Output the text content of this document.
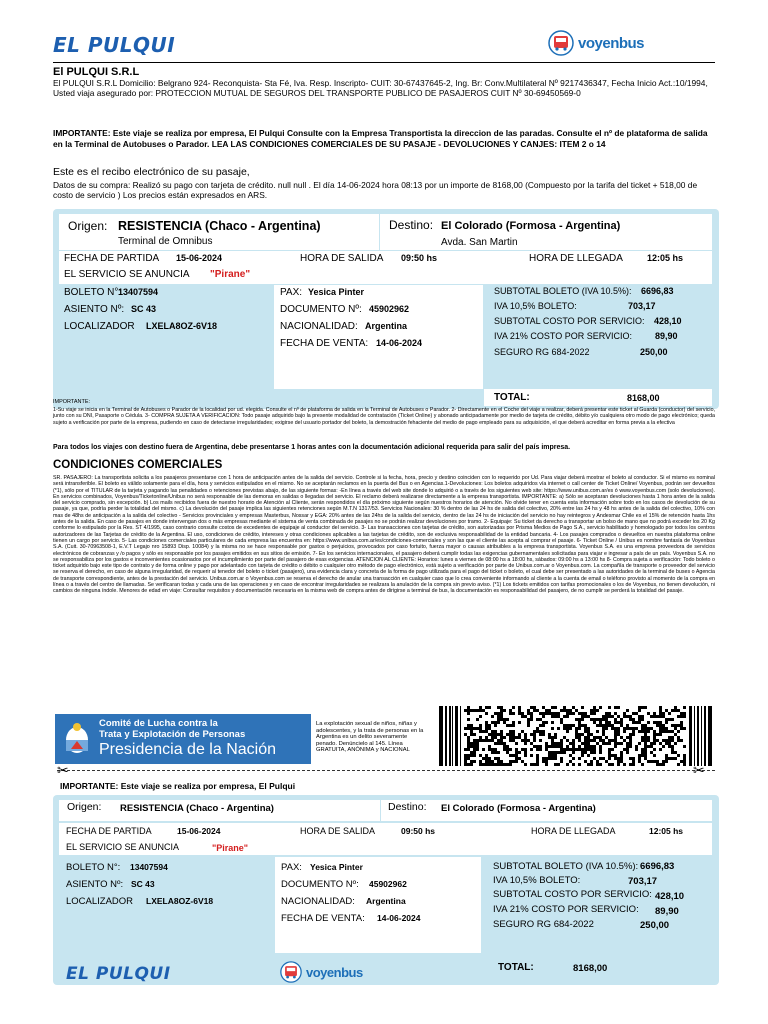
EL PULQUI	voyenbus
El PULQUI S.R.L
El PULQUI S.R.L Domicilio: Belgrano 924- Reconquista- Sta Fé, Iva. Resp. Inscripto- CUIT: 30-67437645-2, Ing. Br: Conv.Multilateral Nº 9217436347, Fecha Inicio Act.:10/1994, Usted viaja asegurado por: PROTECCION MUTUAL DE SEGUROS DEL TRANSPORTE PUBLICO DE PASAJEROS CUIT Nº 30-69450569-0
IMPORTANTE: Este viaje se realiza por empresa, El Pulqui Consulte con la Empresa Transportista la direccion de las paradas. Consulte el nº de plataforma de salida en la Terminal de Autobuses o Parador. LEA LAS CONDICIONES COMERCIALES DE SU PASAJE - DEVOLUCIONES Y CANJES: ITEM 2 o 14
Este es el recibo electrónico de su pasaje,
Datos de su compra: Realizó su pago con tarjeta de crédito. null null . El día 14-06-2024 hora 08:13 por un importe de 8168,00 (Compuesto por la tarifa del ticket + 518,00 de costo de servicio ) Los precios están expresados en ARS.
Origen: RESISTENCIA (Chaco - Argentina)
Terminal de Omnibus
Destino: El Colorado (Formosa - Argentina)
Avda. San Martin
FECHA DE PARTIDA 15-06-2024	HORA DE SALIDA 09:50 hs	HORA DE LLEGADA	12:05 hs
EL SERVICIO SE ANUNCIA "Pirane"
BOLETO N°:
13407594
ASIENTO Nº: SC 43
LOCALIZADOR LXELA8OZ-6V18
PAX: Yesica Pinter
DOCUMENTO Nº: 45902962
NACIONALIDAD: Argentina
FECHA DE VENTA: 14-06-2024
SUBTOTAL BOLETO (IVA 10.5%): 6696,83
IVA 10,5% BOLETO:	703,17
SUBTOTAL COSTO POR SERVICIO: 428,10
IVA 21% COSTO POR SERVICIO:	89,90
SEGURO RG 684-2022	250,00
TOTAL:	8168,00
IMPORTANTE:
1-Su viaje se inicia en la Terminal de Autobuses o Parador de la localidad por ud. elegida. Consulte el nº de plataforma de salida en la Terminal de Autobuses o Parador. 2- Directamente en el Coche del viaje a realizar, deberá presentar este ticket al Guarda (conductor) del servicio, junto con su DNI, Pasaporte o Cédula. 3- COMPRA SUJETA A VERIFICACION: Todo pasaje adquirido bajo la presente modalidad de contratación (Ticket Online) y abonado anticipadamente por medio de tarjeta de crédito, débito y/o cualquiera otro modo de pago electrónico; queda sujeto a verificación por parte de la empresa, pudiendo en caso de detectarse irregularidades; exigirse del usuario portador del boleto, la demostración fehaciente del medio de pago empleado para su adquisición, el que deberá acreditar en forma previa a la efectiva
Para todos los viajes con destino fuera de Argentina, debe presentarse 1 horas antes con la documentación adicional requerida para salir del país impresa.
CONDICIONES COMERCIALES
SR. PASAJERO: La transportista solicita a los pasajeros presentarse con 1 hora de anticipación antes de la salida del servicio. Controle si la fecha, hora, precio y destino coinciden con lo requerido por Ud. Para viajar deberá mostrar el boleto al conductor. Si el mismo es nominal será intransferible. El boleto es válido solamente para el día, hora y servicios estipulados en el mismo. No se aceptarán reclamos en la puerta del Bus o en Agencias.1-Devoluciones: Los boletos adquiridos vía internet o call center de Ticket Online/ Voyenbus, podrán ser devueltos (*1), sólo por el TITULAR de la tarjeta y pagando las penalidades o retenciones previstas abajo, de las siguiente formas: -En línea a través del web site donde lo adquirió o a través de los siguientes web site: https://www.unibus.com.ar/es ó www.voyenbus.com (solo devoluciones). En servicios combinados, Voyenbus/Ticketonline/Unibus no será responsable de las demoras en salidas o llegadas del servicio. El reclamo deberá realizarse directamente a la empresa transportista. IMPORTANTE: a) Sólo se aceptaran devoluciones hasta 1 hora antes de la salida del servicio comprado, sin excepción. b) Los mails recibidos fuera de nuestro horario de Atención al Cliente, serán respondidos el día próximo siguiente según nuestros horarios de atención. No olvide tener en cuenta esta información sobre todo en los casos de devolución de su pasaje, ya que, podría perder la totalidad del mismo. c) La devolución del pasaje implica las siguientes retenciones según M.T.N 1317/53. Servicios Nacionales: 30 % dentro de las 24 hs de salida del colectivo, 20% entre las 24 hs y 48 hs antes de la salida del colectivo, 10% con mas de 48hs de anticipación a la salida del colectivo - Servicios provinciales y empresas Masterbus, Nossar y EGA: 20% antes de las 24hs de la salida del servicio, dentro de las 24 hs de iniciación del servicio no hay reintegros y Andesmar Chile es el 15% de retención hasta 1hs antes de la salida. En caso de pasajes en donde intervengan dos o más empresas mediante el sistema de venta combinada de pasajes no se podrán realizar devoluciones por tramo. 2- Equipaje: Su ticket da derecho a transportar un bolso de mano que no podrá exceder los 20 Kg conforme lo estipulado por la Res. ST 4/1995, caso contrario consulte costos de excedentes de equipaje al conductor del servicio. 3- Las transacciones con tarjetas de crédito, son autorizadas por Prisma Medios de Pago S.A., servicio habilitado y homologado por todos los centros autorizadores de las Tarjetas de crédito de la Argentina. El uso, condiciones de crédito, intereses y otras condiciones aplicables a las tarjetas de crédito, son de exclusiva responsabilidad de la entidad bancaria. 4- Los pasajes comprados o devueltos en nuestra plataforma online tienen un cargo por servicio. 5- Las condiciones comerciales particulares de cada empresa las encuentra en: https://www.unibus.com.ar/es/condiciones-comerciales y son las que el cliente las acepta al comprar el pasaje. 6- Ticket Online / Unibus es nombre fantasía de Voyenbus S.A. (Cuit. 30-70963508-1, E.V.T Legajo nro 15893 Disp. 10084) y la misma no se hace responsable por gastos o perjuicios, provocados por caso fortuito, fuerza mayor o causas atribuibles a la empresa transportista. Voyenbus S.A. es una empresa proveedora de servicios electrónicos de cobranzas y /o pagos y sólo es responsable por los pasajes emitidos en sus sitios de emisión. 7- En los servicios internacionales, el pasajero deberá cumplir todas las exigencias gubernamentales solicitadas para viajar e ingresar a país de un país. Voyenbus S.A. no se responsabiliza por los gastos e inconvenientes ocasionados por el incumplimiento por parte del pasajero de esas exigencias. ATENCION AL CLIENTE: Horarios: lunes a viernes de 08:00 hs a 18:00 hs, sábados: 09:00 hs a 13:00 hs 8- Compra sujeta a verificación: Todo boleto o ticket adquirido bajo este tipo de contrato y de forma online y pago por adelantado con tarjeta de crédito o débito o cualquier otro método de pago electrónico, está sujeto a verificación por parte de Unibus.com.ar o Voyenbus.com. La compañía de transporte o proveedor del servicio se reserva el derecho, en caso de alguna irregularidad, de requerir al tenedor del boleto o ticket (pasajero), una evidencia clara y concreta de la forma de pago utilizada para el pago del ticket o boleto, el cual debe ser presentado a las autoridades de la terminal de buses o Agencia de transporte correspondiente, antes de la prestación del servicio. Unibus.com.ar o Voyenbus.com se reserva el derecho de anular una transacción en cualquier caso que lo crea conveniente informando al cliente a la cuenta de email o teléfono provisto al momento de la compra en línea o a través del centro de llamadas. Se verificaran todas y cada una de las operaciones y en caso de encontrar irregularidades se realizara la anulación de la compra sin previo aviso. (*1) Los tickets emitidos con tarifas promocionales o los de Voyenbus, no tienen devolución, ni cambios de ninguna índole. Menores de edad en viaje: Consultar requisitos y documentación necesaria en la misma web de compra antes de dirigirse a terminal de bus, la documentación es responsabilidad del pasajero, de no cumplir se perderá la totalidad del pasaje.
Comité de Lucha contra la
Trata y Explotación de Personas
Presidencia de la Nación
La explotación sexual de niños, niñas y adolescentes, y la trata de personas en la Argentina es un delito severamente penado. Denúncielo al 145. Línea GRATUITA, ANÓNIMA y NACIONAL
✂	✂
IMPORTANTE: Este viaje se realiza por empresa, El Pulqui
Origen: RESISTENCIA (Chaco - Argentina)	Destino: El Colorado (Formosa - Argentina)
FECHA DE PARTIDA	15-06-2024	HORA DE SALIDA	09:50 hs	HORA DE LLEGADA	12:05 hs
EL SERVICIO SE ANUNCIA	"Pirane"
BOLETO N°: 13407594
ASIENTO Nº: SC 43
LOCALIZADOR LXELA8OZ-6V18
PAX: Yesica Pinter
DOCUMENTO Nº: 45902962
NACIONALIDAD: Argentina
FECHA DE VENTA: 14-06-2024
SUBTOTAL BOLETO (IVA 10.5%): 6696,83
IVA 10,5% BOLETO:	703,17
SUBTOTAL COSTO POR SERVICIO: 428,10
IVA 21% COSTO POR SERVICIO: 89,90
SEGURO RG 684-2022	250,00
TOTAL:	8168,00
EL PULQUI	voyenbus
